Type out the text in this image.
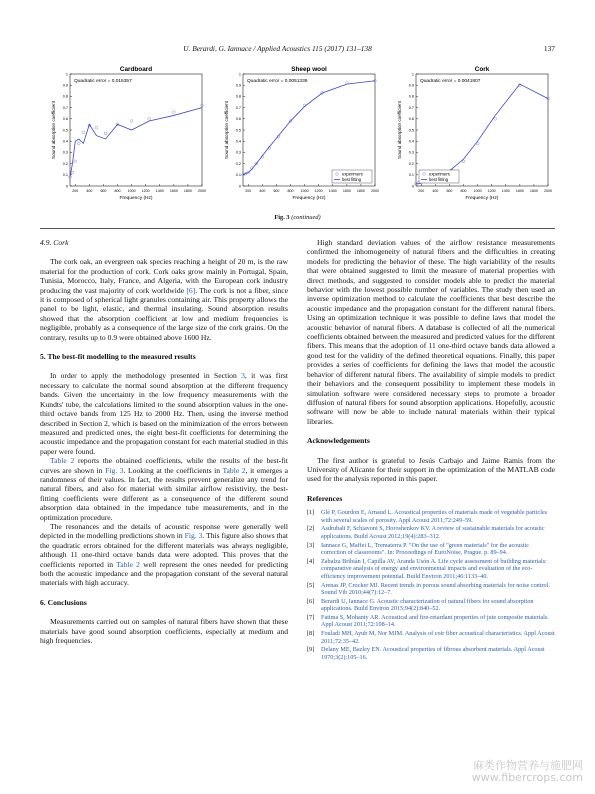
U. Berardi, G. Iannace / Applied Acoustics 115 (2017) 131–138	137
Cardboard
200 400 600 800 1000 1200 1400 1600 1800 2000
0
0.1
0.2
0.3
0.4
0.5
0.6
0.7
0.8
0.9
1
Frequency (Hz)
Sound absorption coefficient
Quadratic error = 0.015357
Sheep wool
200 400 600 800 1000 1200 1400 1600 1800 2000
0
0.1
0.2
0.3
0.4
0.5
0.6
0.7
0.8
0.9
1
Frequency (Hz)
Sound absorption coefficient
Quadratic error = 0.0051339
experiment
best fitting
Cork
200 400 600 800 1000 1200 1400 1600 1800 2000
0
0.1
0.2
0.3
0.4
0.5
0.6
0.7
0.8
0.9
1
Frequency (Hz)
Sound absorption coefficient
Quadratic error = 0.0041807
experiment
best fitting
Fig. 3 (continued)
4.9. Cork

The cork oak, an evergreen oak species reaching a height of 20 m, is the raw material for the production of cork. Cork oaks grow mainly in Portugal, Spain, Tunisia, Morocco, Italy, France, and Algeria, with the European cork industry producing the vast majority of cork worldwide [6]. The cork is not a fiber, since it is composed of spherical light granules containing air. This property allows the panel to be light, elastic, and thermal insulating. Sound absorption results showed that the absorption coefficient at low and medium frequencies is negligible, probably as a consequence of the large size of the cork grains. On the contrary, results up to 0.9 were obtained above 1600 Hz.

5. The best-fit modelling to the measured results

In order to apply the methodology presented in Section 3, it was first necessary to calculate the normal sound absorption at the different frequency bands. Given the uncertainty in the low frequency measurements with the Kundts' tube, the calculations limited to the sound absorption values in the one-third octave bands from 125 Hz to 2000 Hz. Then, using the inverse method described in Section 2, which is based on the minimization of the errors between measured and predicted ones, the eight best-fit coefficients for determining the acoustic impedance and the propagation constant for each material studied in this paper were found.

Table 2 reports the obtained coefficients, while the results of the best-fit curves are shown in Fig. 3. Looking at the coefficients in Table 2, it emerges a randomness of their values. In fact, the results prevent generalize any trend for natural fibers, and also for material with similar airflow resistivity, the best-fitting coefficients were different as a consequence of the different sound absorption data obtained in the impedance tube measurements, and in the optimization procedure.

The resonances and the details of acoustic response were generally well depicted in the modelling predictions shown in Fig. 3. This figure also shows that the quadratic errors obtained for the different materials was always negligible, although 11 one-third octave bands data were adopted. This proves that the coefficients reported in Table 2 well represent the ones needed for predicting both the acoustic impedance and the propagation constant of the several natural materials with high accuracy.

6. Conclusions

Measurements carried out on samples of natural fibers have shown that these materials have good sound absorption coefficients, especially at medium and high frequencies.

High standard deviation values of the airflow resistance measurements confirmed the inhomogeneity of natural fibers and the difficulties in creating models for predicting the behavior of these. The high variability of the results that were obtained suggested to limit the measure of material properties with direct methods, and suggested to consider models able to predict the material behavior with the lowest possible number of variables. The study then used an inverse optimization method to calculate the coefficients that best describe the acoustic impedance and the propagation constant for the different natural fibers. Using an optimization technique it was possible to define laws that model the acoustic behavior of natural fibers. A database is collected of all the numerical coefficients obtained between the measured and predicted values for the different fibers. This means that the adoption of 11 one-third octave bands data allowed a good test for the validity of the defined theoretical equations. Finally, this paper provides a series of coefficients for defining the laws that model the acoustic behavior of different natural fibers. The availability of simple models to predict their behaviors and the consequent possibility to implement these models in simulation software were considered necessary steps to promote a broader diffusion of natural fibers for sound absorption applications. Hopefully, acoustic software will now be able to include natural materials within their typical libraries.

Acknowledgements

The first author is grateful to Jesús Carbajo and Jaime Ramis from the University of Alicante for their support in the optimization of the MATLAB code used for the analysis reported in this paper.

References
[1]	Glé P, Gourdon E, Arnaud L. Acoustical properties of materials made of vegetable particles with several scales of porosity. Appl Acoust 2011;72:249–59.
[2]	Asdrubali F, Schiavoni S, Horoshenkov KV. A review of sustainable materials for acoustic applications. Build Acoust 2012;19(4):283–312.
[3]	Iannace G, Maffei L, Trematerra P. "On the use of "green materials" for the acoustic correction of classrooms". In: Proceedings of EuroNoise, Prague. p. 89–94.
[4]	Zabalza Bribián I, Capilla AV, Aranda Usón A. Life cycle assessment of building materials: comparative analysis of energy and environmental impacts and evaluation of the eco-efficiency improvement potential. Build Environ 2011;46:1133–40.
[5]	Arenas JP, Crocker MJ. Recent trends in porous sound absorbing materials for noise control. Sound Vib 2010;44(7):12–7.
[6]	Berardi U, Iannace G. Acoustic characterization of natural fibers for sound absorption applications. Build Environ 2015;94(2):840–52.
[7]	Fatima S, Mohanty AR. Acoustical and fire-retardant properties of jute composite materials. Appl Acoust 2011;72:108–14.
[8]	Fouladi MH, Ayub M, Nor MJM. Analysis of coir fiber acoustical characteristics. Appl Acoust 2011;72:35–42.
[9]	Delany ME, Bazley EN. Acoustical properties of fibrous absorbent materials. Appl Acoust 1970;3(2):105–16.
麻类作物营养与施肥网
www.fibercrops.com
